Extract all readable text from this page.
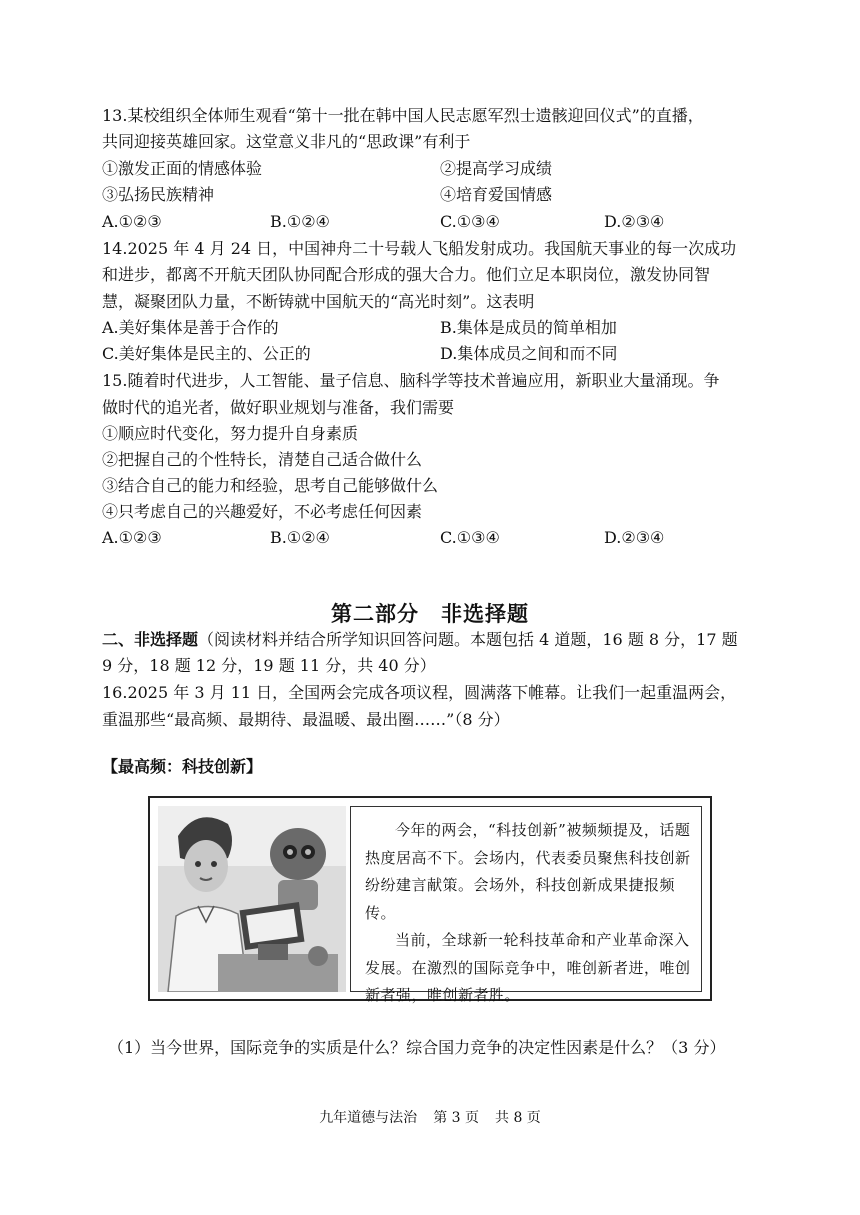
13.某校组织全体师生观看“第十一批在韩中国人民志愿军烈士遗骸迎回仪式”的直播，
共同迎接英雄回家。这堂意义非凡的“思政课”有利于
①激发正面的情感体验	②提高学习成绩
③弘扬民族精神	④培育爱国情感
A.①②③	B.①②④	C.①③④	D.②③④
14.2025 年 4 月 24 日，中国神舟二十号载人飞船发射成功。我国航天事业的每一次成功
和进步，都离不开航天团队协同配合形成的强大合力。他们立足本职岗位，激发协同智
慧，凝聚团队力量，不断铸就中国航天的“高光时刻”。这表明
A.美好集体是善于合作的	B.集体是成员的简单相加
C.美好集体是民主的、公正的	D.集体成员之间和而不同
15.随着时代进步，人工智能、量子信息、脑科学等技术普遍应用，新职业大量涌现。争
做时代的追光者，做好职业规划与准备，我们需要
①顺应时代变化，努力提升自身素质
②把握自己的个性特长，清楚自己适合做什么
③结合自己的能力和经验，思考自己能够做什么
④只考虑自己的兴趣爱好，不必考虑任何因素
A.①②③	B.①②④	C.①③④	D.②③④
第二部分 非选择题
二、非选择题（阅读材料并结合所学知识回答问题。本题包括 4 道题，16 题 8 分，17 题
9 分，18 题 12 分，19 题 11 分，共 40 分）
16.2025 年 3 月 11 日，全国两会完成各项议程，圆满落下帷幕。让我们一起重温两会，
重温那些“最高频、最期待、最温暖、最出圈……”（8 分）
【最高频：科技创新】

今年的两会，“科技创新”被频频提及，话题热度居高不下。会场内，代表委员聚焦科技创新纷纷建言献策。会场外，科技创新成果捷报频传。

当前，全球新一轮科技革命和产业革命深入发展。在激烈的国际竞争中，唯创新者进，唯创新者强，唯创新者胜。

（1）当今世界，国际竞争的实质是什么？综合国力竞争的决定性因素是什么？（3 分）
九年道德与法治 第 3 页 共 8 页
